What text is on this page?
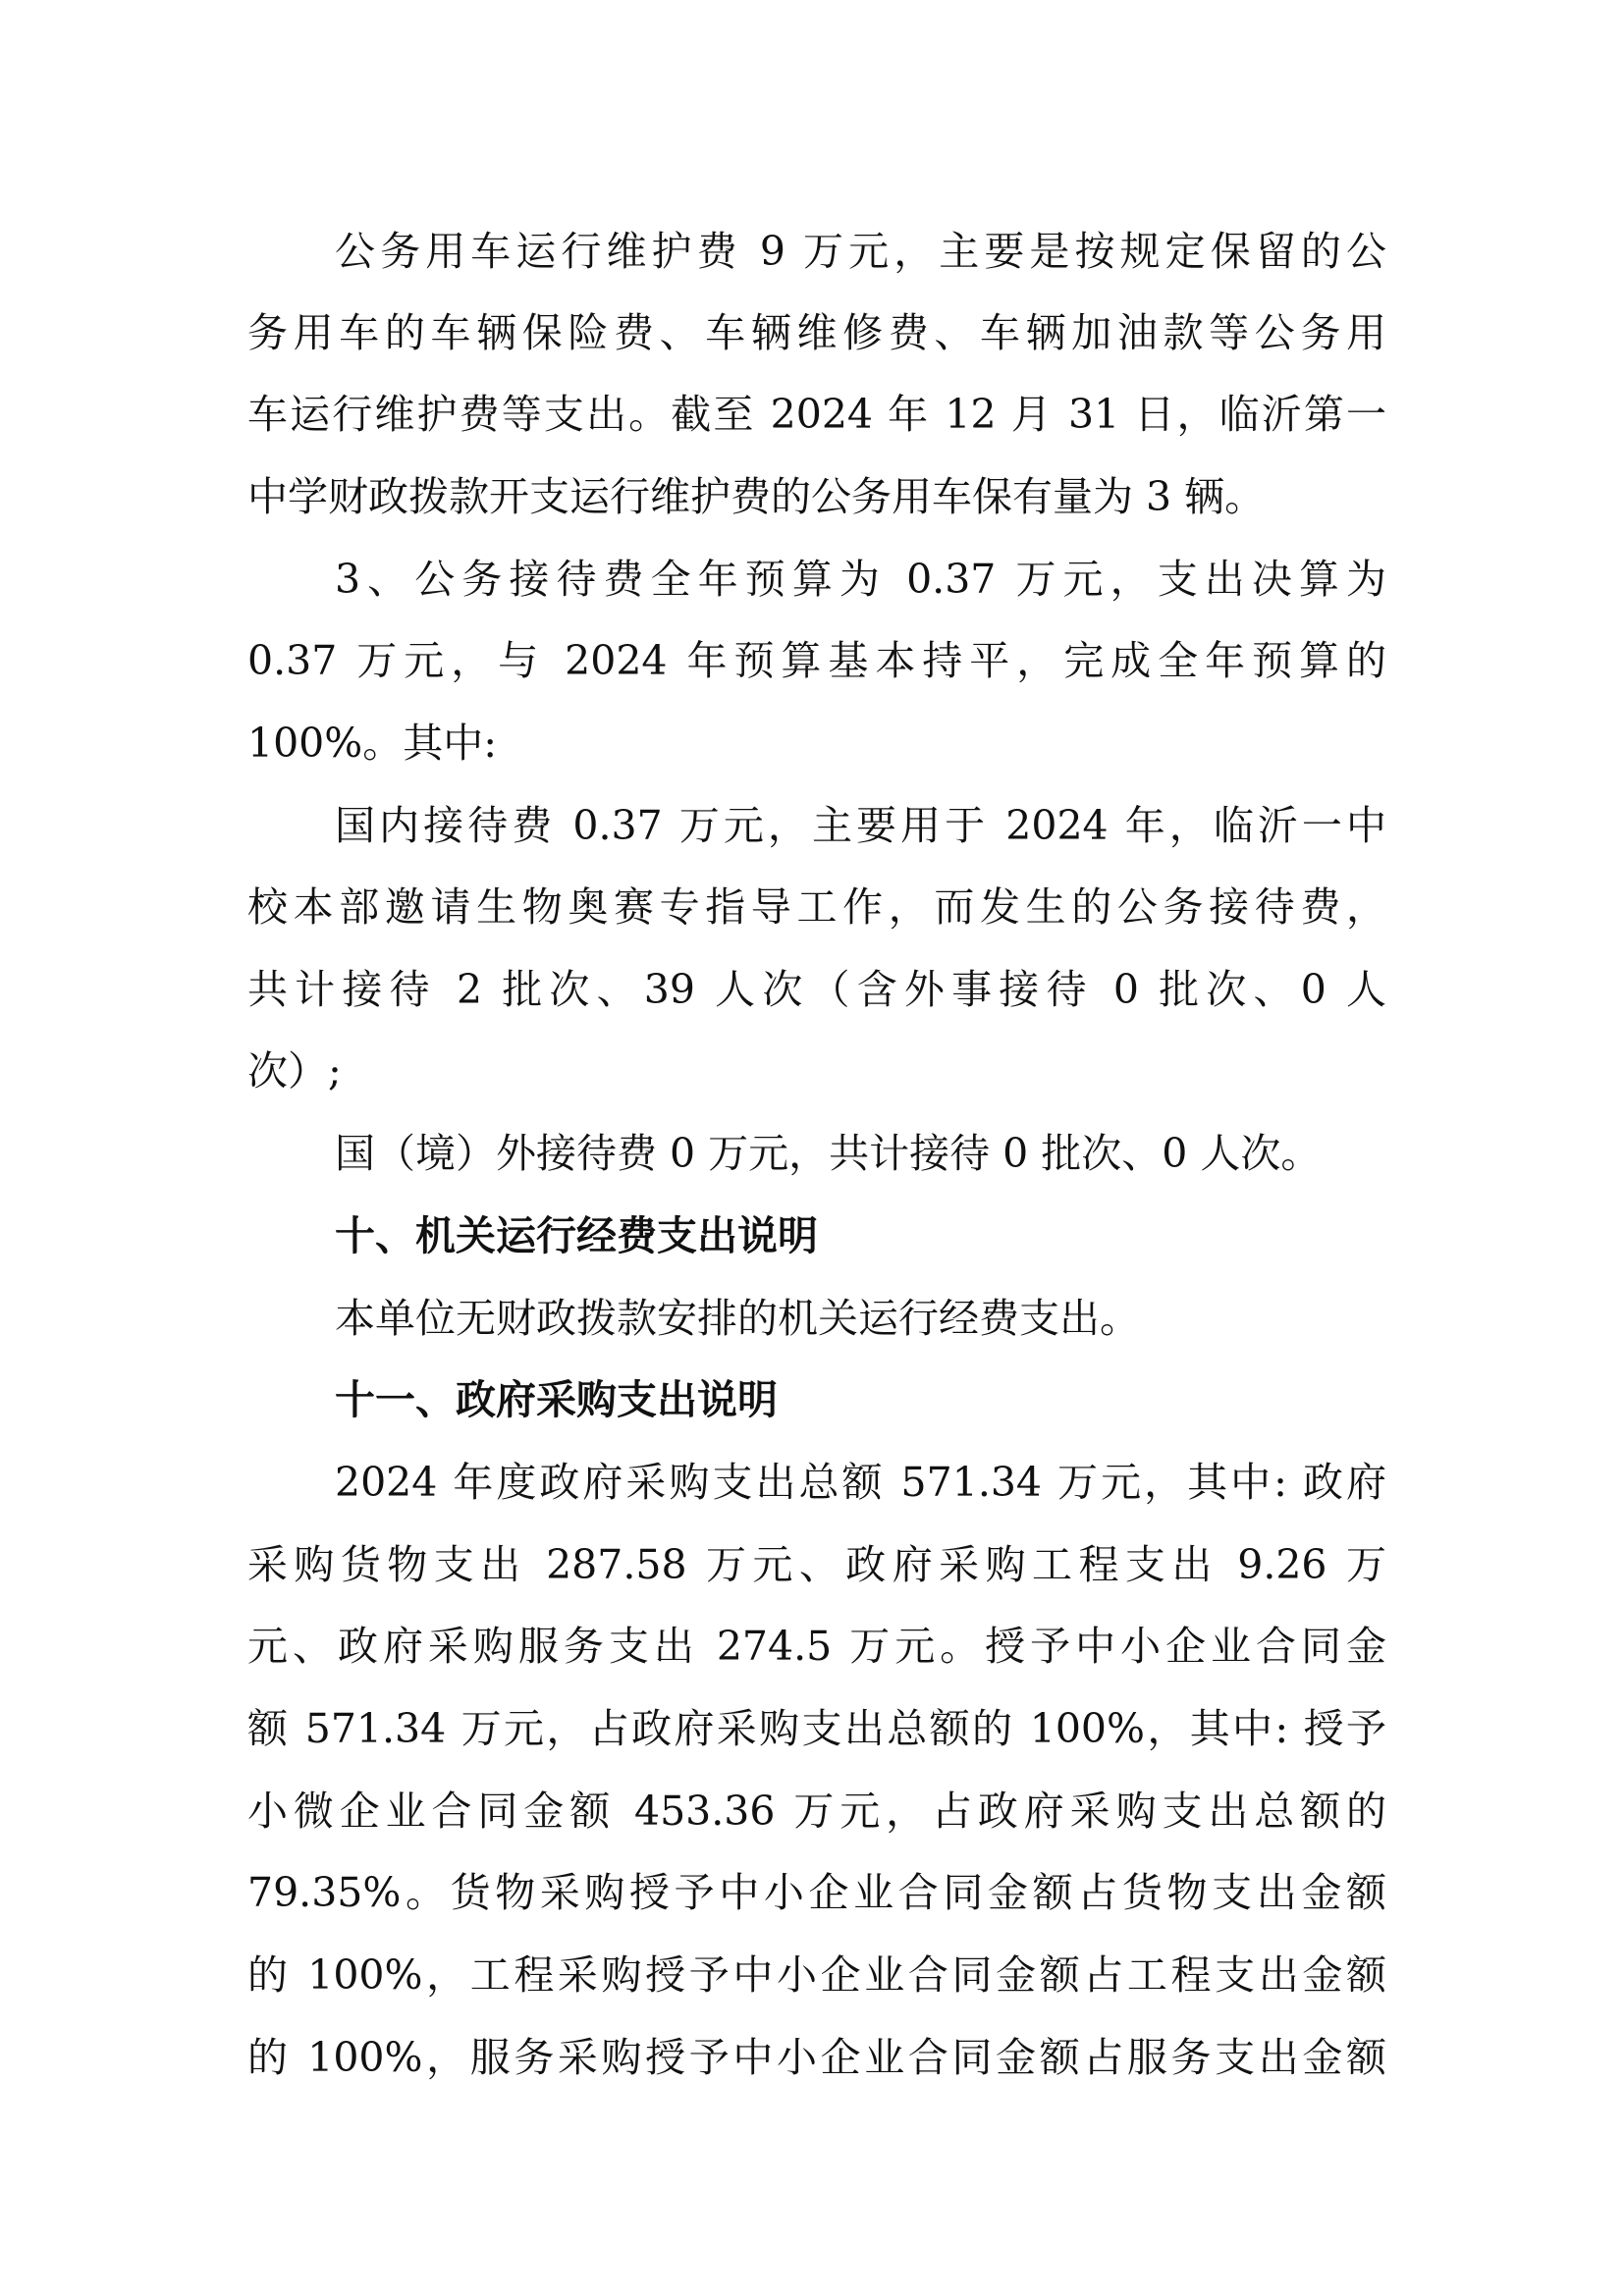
公务用车运行维护费 9 万元，主要是按规定保留的公
务用车的车辆保险费、车辆维修费、车辆加油款等公务用
车运行维护费等支出。截至 2024 年 12 月 31 日，临沂第一
中学财政拨款开支运行维护费的公务用车保有量为 3 辆。
3、公务接待费全年预算为 0.37 万元，支出决算为
0.37 万元，与 2024 年预算基本持平，完成全年预算的
100%。其中:
国内接待费 0.37 万元，主要用于 2024 年，临沂一中
校本部邀请生物奥赛专指导工作，而发生的公务接待费，
共计接待 2 批次、39 人次（含外事接待 0 批次、0 人
次）;
国（境）外接待费 0 万元，共计接待 0 批次、0 人次。
十、机关运行经费支出说明
本单位无财政拨款安排的机关运行经费支出。
十一、政府采购支出说明
2024 年度政府采购支出总额 571.34 万元，其中: 政府
采购货物支出 287.58 万元、政府采购工程支出 9.26 万
元、政府采购服务支出 274.5 万元。授予中小企业合同金
额 571.34 万元，占政府采购支出总额的 100%，其中: 授予
小微企业合同金额 453.36 万元，占政府采购支出总额的
79.35%。货物采购授予中小企业合同金额占货物支出金额
的 100%，工程采购授予中小企业合同金额占工程支出金额
的 100%，服务采购授予中小企业合同金额占服务支出金额
